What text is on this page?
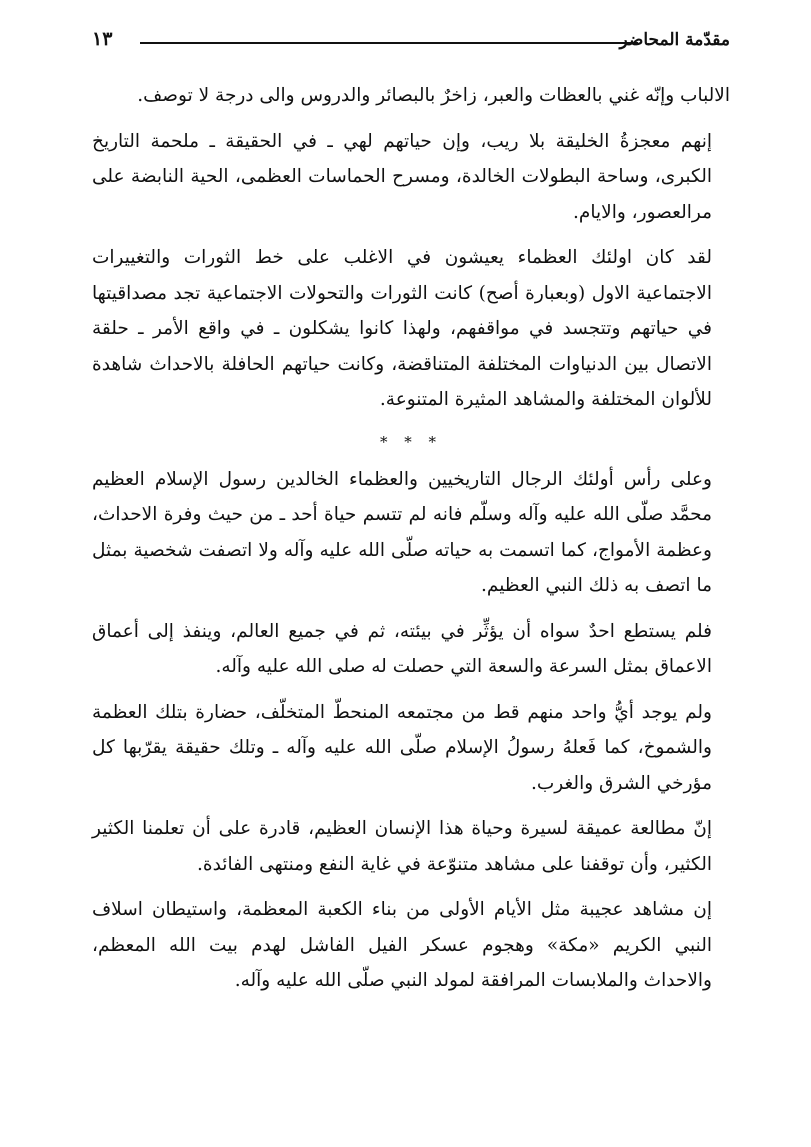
مقدّمة المحاضر
١٣

الالباب وإنّه غني بالعظات والعبر، زاخرٌ بالبصائر والدروس والى درجة لا توصف.

إنهم معجزةُ الخليقة بلا ريب، وإن حياتهم لهي ـ في الحقيقة ـ ملحمة التاريخ الكبرى، وساحة البطولات الخالدة، ومسرح الحماسات العظمى، الحية النابضة على مرالعصور، والايام.

لقد كان اولئك العظماء يعيشون في الاغلب على خط الثورات والتغييرات الاجتماعية الاول (وبعبارة أصح) كانت الثورات والتحولات الاجتماعية تجد مصداقيتها في حياتهم وتتجسد في مواقفهم، ولهذا كانوا يشكلون ـ في واقع الأمر ـ حلقة الاتصال بين الدنياوات المختلفة المتناقضة، وكانت حياتهم الحافلة بالاحداث شاهدة للألوان المختلفة والمشاهد المثيرة المتنوعة.

* * *

وعلى رأس أولئك الرجال التاريخيين والعظماء الخالدين رسول الإسلام العظيم محمَّد صلّى الله عليه وآله وسلّم فانه لم تتسم حياة أحد ـ من حيث وفرة الاحداث، وعظمة الأمواج، كما اتسمت به حياته صلّى الله عليه وآله ولا اتصفت شخصية بمثل ما اتصف به ذلك النبي العظيم.

فلم يستطع احدٌ سواه أن يؤثِّر في بيئته، ثم في جميع العالم، وينفذ إلى أعماق الاعماق بمثل السرعة والسعة التي حصلت له صلى الله عليه وآله.

ولم يوجد أيُّ واحد منهم قط من مجتمعه المنحطّ المتخلّف، حضارة بتلك العظمة والشموخ، كما فَعلهُ رسولُ الإسلام صلّى الله عليه وآله ـ وتلك حقيقة يقرّبها كل مؤرخي الشرق والغرب.

إنّ مطالعة عميقة لسيرة وحياة هذا الإنسان العظيم، قادرة على أن تعلمنا الكثير الكثير، وأن توقفنا على مشاهد متنوّعة في غاية النفع ومنتهى الفائدة.

إن مشاهد عجيبة مثل الأيام الأولى من بناء الكعبة المعظمة، واستيطان اسلاف النبي الكريم «مكة» وهجوم عسكر الفيل الفاشل لهدم بيت الله المعظم، والاحداث والملابسات المرافقة لمولد النبي صلّى الله عليه وآله.
